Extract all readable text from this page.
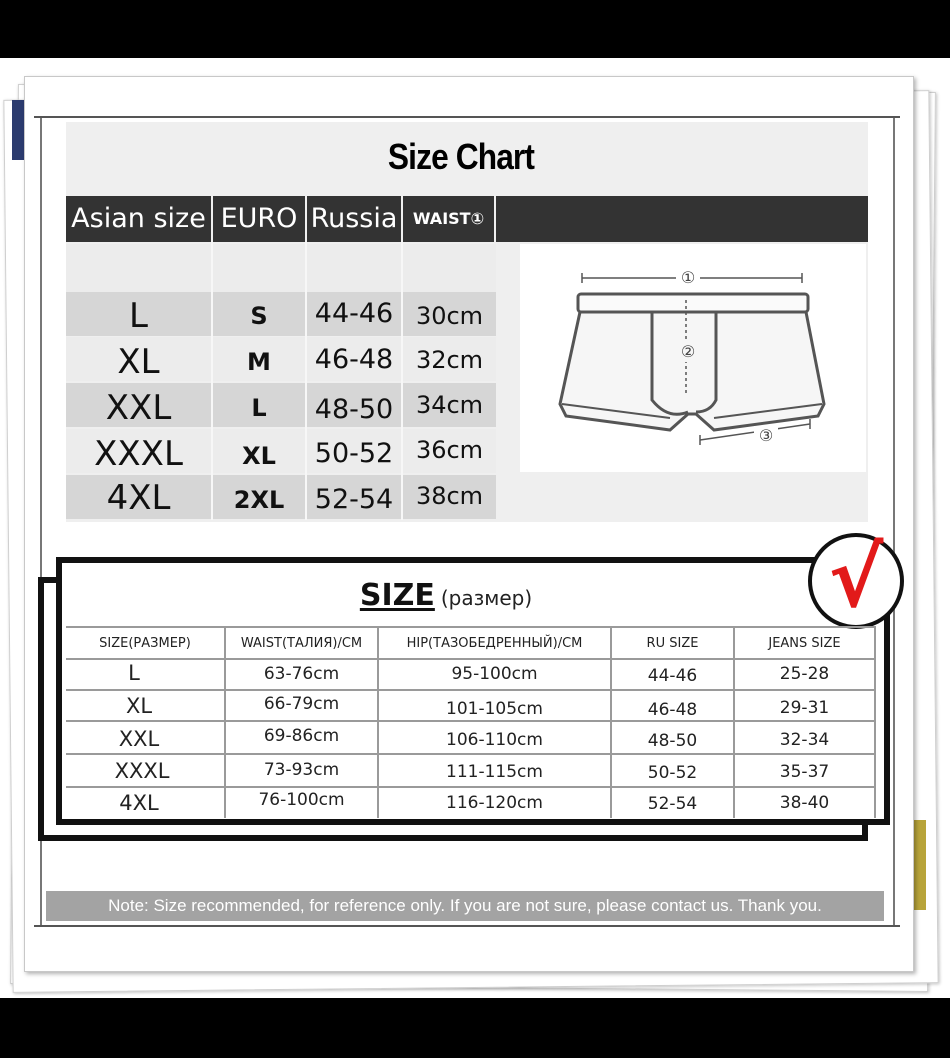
Size Chart
Asian size EURO Russia WAIST①
L	S	44-46 30cm
XL	M	46-48 32cm
XXL	L	48-50 34cm
XXXL	XL	50-52 36cm
4XL	2XL	52-54 38cm
①
②
③
SIZE (размер)	√
SIZE(РАЗМЕР)	WAIST(ТАЛИЯ)/CM	HIP(ТАЗОБЕДРЕННЫЙ)/CM	RU SIZE	JEANS SIZE
L	63-76cm	95-100cm	44-46	25-28
XL	66-79cm	101-105cm	46-48	29-31
XXL	69-86cm	106-110cm	48-50	32-34
XXXL	73-93cm	111-115cm	50-52	35-37
4XL	76-100cm	116-120cm	52-54	38-40
Note: Size recommended, for reference only. If you are not sure, please contact us. Thank you.
